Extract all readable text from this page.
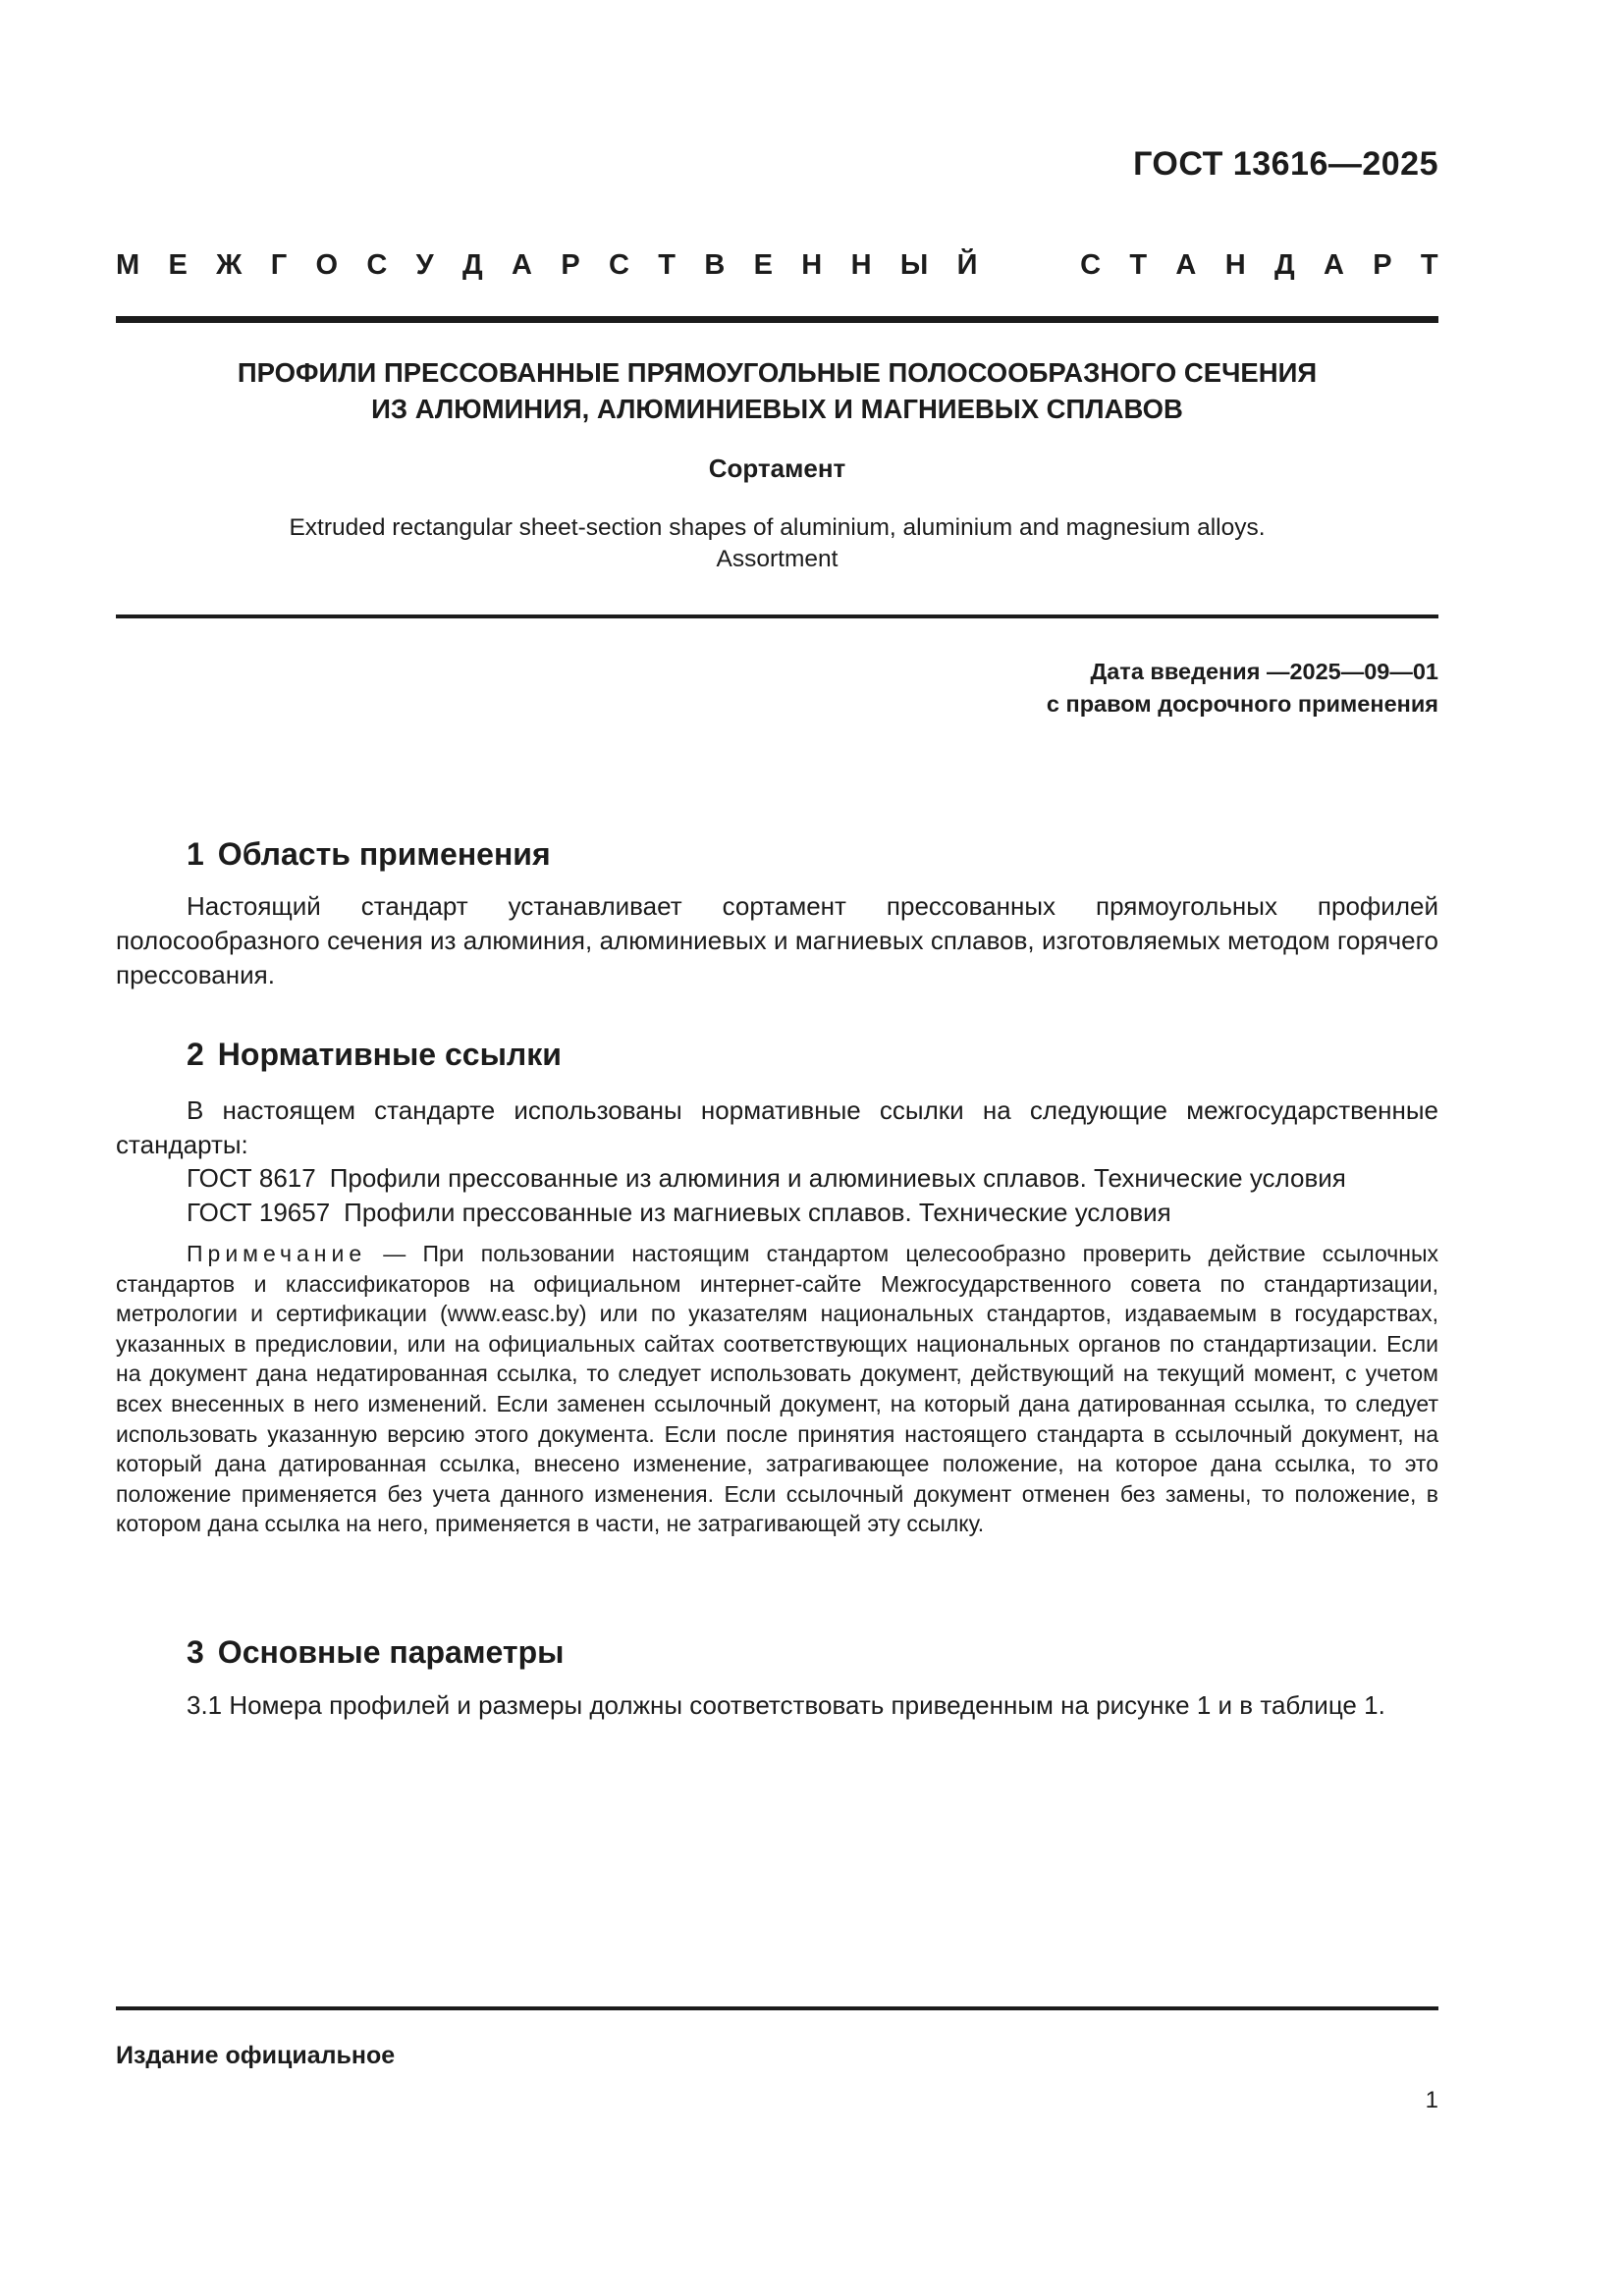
ГОСТ 13616—2025
М Е Ж Г О С У Д А Р С Т В Е Н Н Ы Й	С Т А Н Д А Р Т
ПРОФИЛИ ПРЕССОВАННЫЕ ПРЯМОУГОЛЬНЫЕ ПОЛОСООБРАЗНОГО СЕЧЕНИЯ
ИЗ АЛЮМИНИЯ, АЛЮМИНИЕВЫХ И МАГНИЕВЫХ СПЛАВОВ
Сортамент
Extruded rectangular sheet-section shapes of aluminium, aluminium and magnesium alloys.
Assortment
Дата введения —2025—09—01
с правом досрочного применения
1 Область применения
Настоящий стандарт устанавливает сортамент прессованных прямоугольных профилей полосообразного сечения из алюминия, алюминиевых и магниевых сплавов, изготовляемых методом горячего прессования.
2 Нормативные ссылки
В настоящем стандарте использованы нормативные ссылки на следующие межгосударственные стандарты:
ГОСТ 8617 Профили прессованные из алюминия и алюминиевых сплавов. Технические условия
ГОСТ 19657 Профили прессованные из магниевых сплавов. Технические условия
Примечание — При пользовании настоящим стандартом целесообразно проверить действие ссылочных стандартов и классификаторов на официальном интернет-сайте Межгосударственного совета по стандартизации, метрологии и сертификации (www.easc.by) или по указателям национальных стандартов, издаваемым в государствах, указанных в предисловии, или на официальных сайтах соответствующих национальных органов по стандартизации. Если на документ дана недатированная ссылка, то следует использовать документ, действующий на текущий момент, с учетом всех внесенных в него изменений. Если заменен ссылочный документ, на который дана датированная ссылка, то следует использовать указанную версию этого документа. Если после принятия настоящего стандарта в ссылочный документ, на который дана датированная ссылка, внесено изменение, затрагивающее положение, на которое дана ссылка, то это положение применяется без учета данного изменения. Если ссылочный документ отменен без замены, то положение, в котором дана ссылка на него, применяется в части, не затрагивающей эту ссылку.
3 Основные параметры
3.1 Номера профилей и размеры должны соответствовать приведенным на рисунке 1 и в таблице 1.
Издание официальное
1
